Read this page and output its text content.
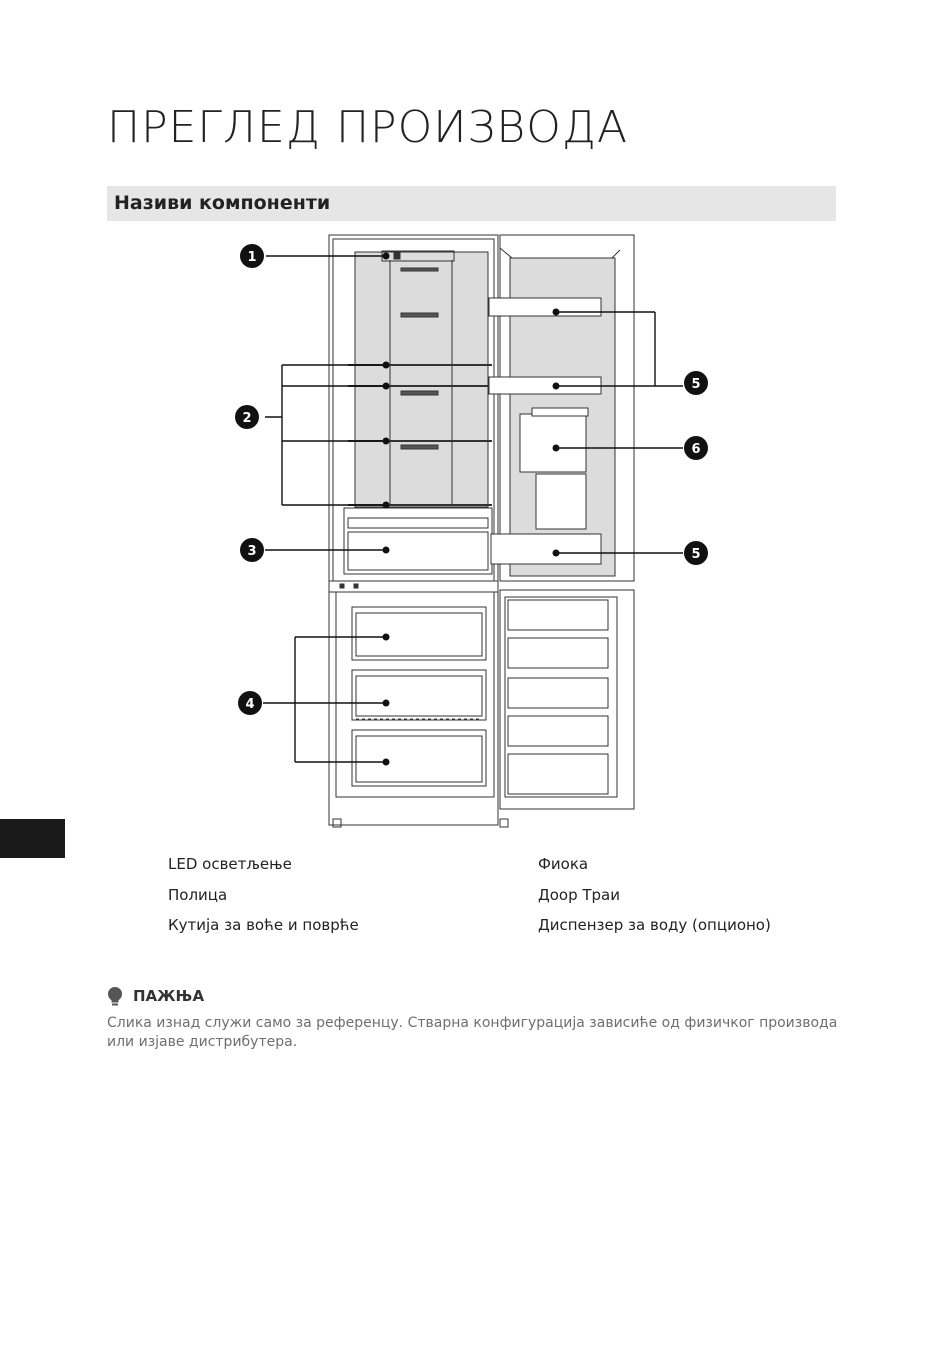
ПРЕГЛЕД ПРОИЗВОДА
Називи компоненти
1
2
3
4
5
6
5
LED осветљење
Полица
Кутија за воће и поврће
Фиока
Доор Траи
Диспензер за воду (опционо)
ПАЖЊА
Слика изнад служи само за референцу. Стварна конфигурација зависиће од физичког производа или изјаве дистрибутера.
